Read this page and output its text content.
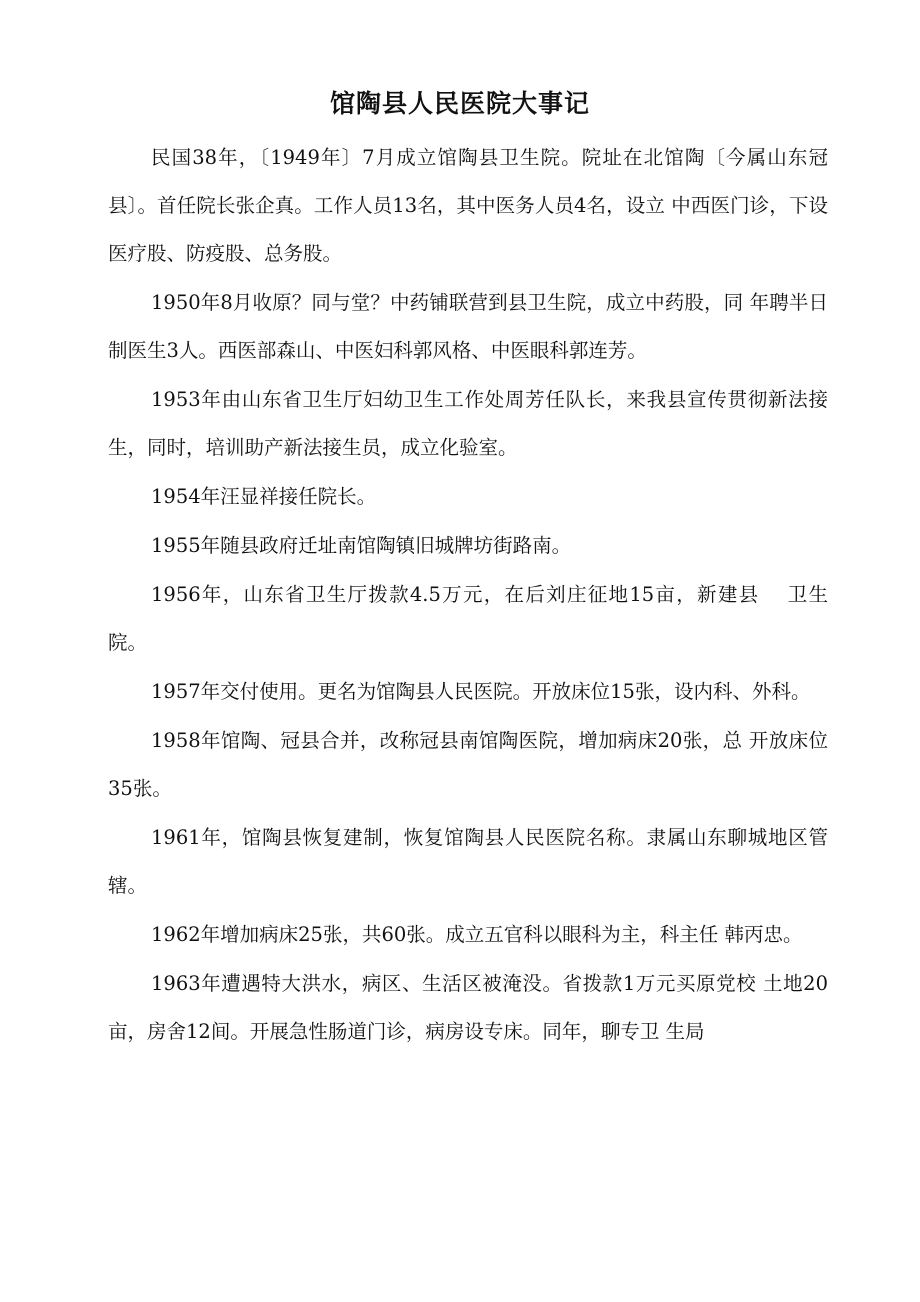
馆陶县人民医院大事记

民国38年，〔1949年〕7月成立馆陶县卫生院。院址在北馆陶〔今属山东冠县〕。首任院长张企真。工作人员13名，其中医务人员4名，设立 中西医门诊，下设医疗股、防疫股、总务股。

1950年8月收原？同与堂？中药铺联营到县卫生院，成立中药股，同 年聘半日制医生3人。西医部森山、中医妇科郭风格、中医眼科郭连芳。

1953年由山东省卫生厅妇幼卫生工作处周芳任队长，来我县宣传贯彻新法接生，同时，培训助产新法接生员，成立化验室。

1954年汪显祥接任院长。

1955年随县政府迁址南馆陶镇旧城牌坊街路南。

1956年，山东省卫生厅拨款4.5万元，在后刘庄征地15亩，新建县　 卫生院。

1957年交付使用。更名为馆陶县人民医院。开放床位15张，设内科、外科。

1958年馆陶、冠县合并，改称冠县南馆陶医院，增加病床20张，总 开放床位35张。

1961年，馆陶县恢复建制，恢复馆陶县人民医院名称。隶属山东聊城地区管辖。

1962年增加病床25张，共60张。成立五官科以眼科为主，科主任 韩丙忠。

1963年遭遇特大洪水，病区、生活区被淹没。省拨款1万元买原党校 土地20亩，房舍12间。开展急性肠道门诊，病房设专床。同年，聊专卫 生局
